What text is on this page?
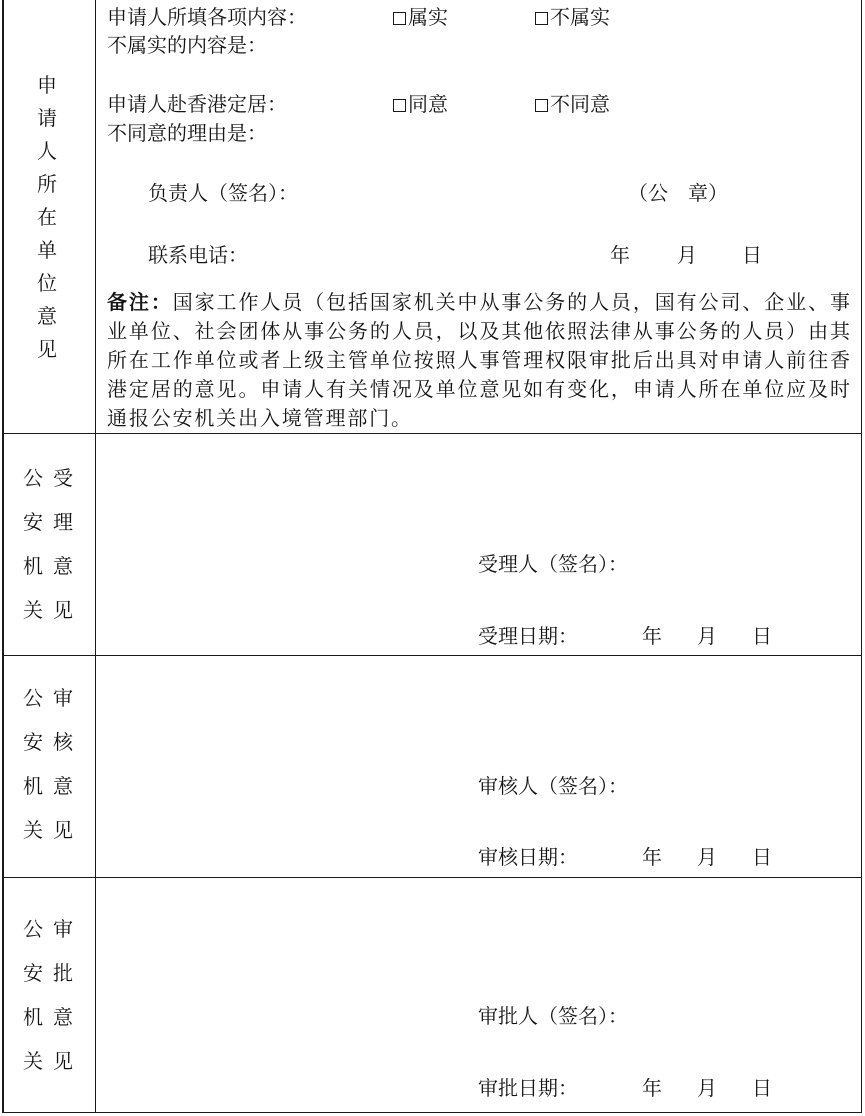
申请人所在单位意见
申请人所填各项内容：	属实	不属实
不属实的内容是：
申请人赴香港定居：	同意	不同意
不同意的理由是：
负责人（签名）：	（公　章）
联系电话：	年 月 日
备注：国家工作人员（包括国家机关中从事公务的人员，国有公司、企业、事
业单位、社会团体从事公务的人员，以及其他依照法律从事公务的人员）由其
所在工作单位或者上级主管单位按照人事管理权限审批后出具对申请人前往香
港定居的意见。申请人有关情况及单位意见如有变化，申请人所在单位应及时
通报公安机关出入境管理部门。
公安机关
受理意见
受理人（签名）：
受理日期：	年 月 日
公安机关
审核意见
审核人（签名）：
审核日期：	年 月 日
公安机关
审批意见
审批人（签名）：
审批日期：	年 月 日
